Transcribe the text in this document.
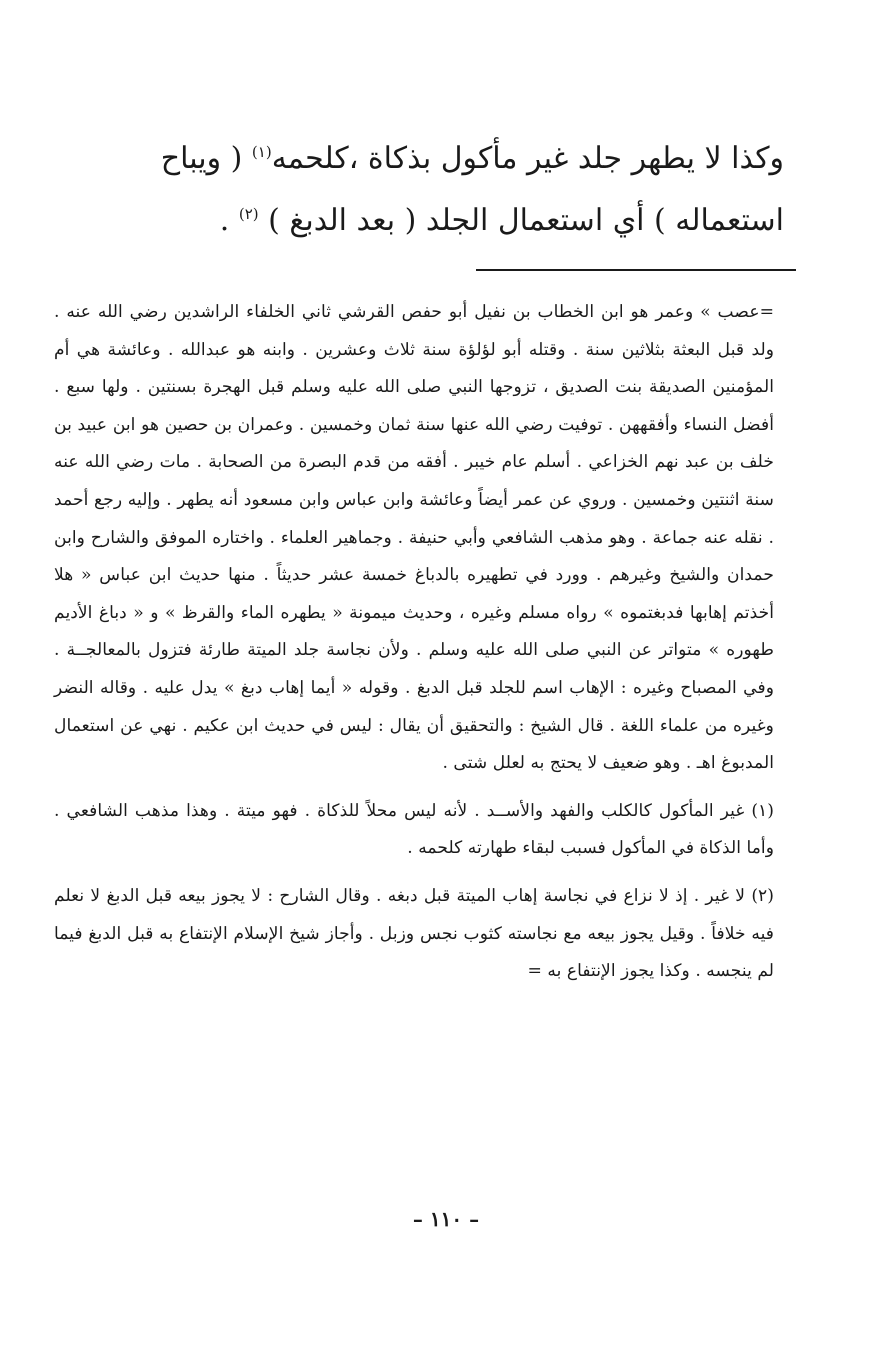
وكذا لا يطهر جلد غير مأكول بذكاة ،كلحمه$^{(١)}$ ( ويباح

استعماله ) أي استعمال الجلد ( بعد الدبغ ) $^{(٢)}$ .

=عصب » وعمر هو ابن الخطاب بن نفيل أبو حفص القرشي ثاني الخلفاء الراشدين رضي الله عنه . ولد قبل البعثة بثلاثين سنة . وقتله أبو لؤلؤة سنة ثلاث وعشرين . وابنه هو عبدالله . وعائشة هي أم المؤمنين الصديقة بنت الصديق ، تزوجها النبي صلى الله عليه وسلم قبل الهجرة بسنتين . ولها سبع . أفضل النساء وأفقههن . توفيت رضي الله عنها سنة ثمان وخمسين . وعمران بن حصين هو ابن عبيد بن خلف بن عبد نهم الخزاعي . أسلم عام خيبر . أفقه من قدم البصرة من الصحابة . مات رضي الله عنه سنة اثنتين وخمسين . وروي عن عمر أيضاً وعائشة وابن عباس وابن مسعود أنه يطهر . وإليه رجع أحمد . نقله عنه جماعة . وهو مذهب الشافعي وأبي حنيفة . وجماهير العلماء . واختاره الموفق والشارح وابن حمدان والشيخ وغيرهم . وورد في تطهيره بالدباغ خمسة عشر حديثاً . منها حديث ابن عباس « هلا أخذتم إهابها فدبغتموه » رواه مسلم وغيره ، وحديث ميمونة « يطهره الماء والقرظ » و « دباغ الأديم طهوره » متواتر عن النبي صلى الله عليه وسلم . ولأن نجاسة جلد الميتة طارئة فتزول بالمعالجــة . وفي المصباح وغيره : الإهاب اسم للجلد قبل الدبغ . وقوله « أيما إهاب دبغ » يدل عليه . وقاله النضر وغيره من علماء اللغة . قال الشيخ : والتحقيق أن يقال : ليس في حديث ابن عكيم . نهي عن استعمال المدبوغ اهـ . وهو ضعيف لا يحتج به لعلل شتى .

(١) غير المأكول كالكلب والفهد والأســد . لأنه ليس محلاً للذكاة . فهو ميتة . وهذا مذهب الشافعي . وأما الذكاة في المأكول فسبب لبقاء طهارته كلحمه .

(٢) لا غير . إذ لا نزاع في نجاسة إهاب الميتة قبل دبغه . وقال الشارح : لا يجوز بيعه قبل الدبغ لا نعلم فيه خلافاً . وقيل يجوز بيعه مع نجاسته كثوب نجس وزبل . وأجاز شيخ الإسلام الإنتفاع به قبل الدبغ فيما لم ينجسه . وكذا يجوز الإنتفاع به =

– ١١٠ –
